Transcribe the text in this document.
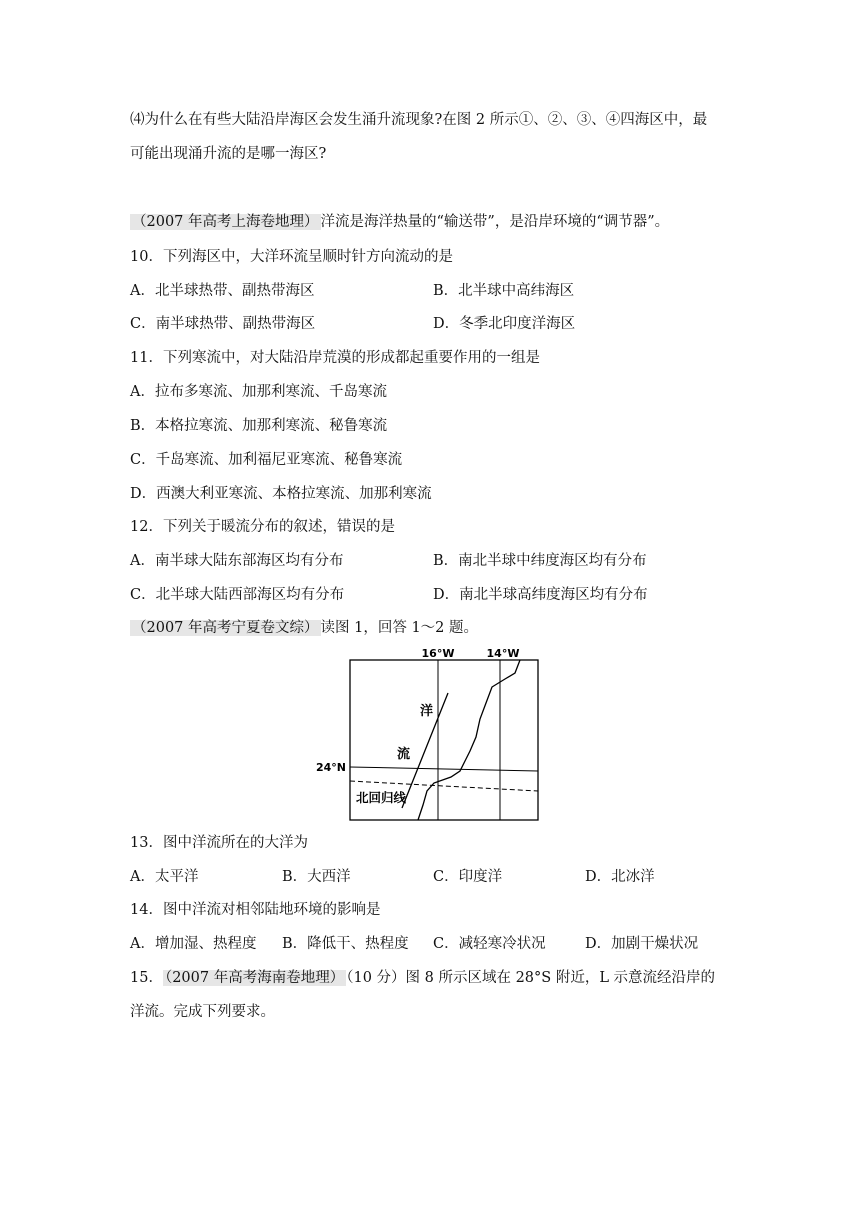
⑷为什么在有些大陆沿岸海区会发生涌升流现象?在图 2 所示①、②、③、④四海区中，最
可能出现涌升流的是哪一海区?
（2007 年高考上海卷地理） 洋流是海洋热量的“输送带”，是沿岸环境的“调节器”。
10．下列海区中，大洋环流呈顺时针方向流动的是
A．北半球热带、副热带海区	B．北半球中高纬海区
C．南半球热带、副热带海区	D．冬季北印度洋海区
11．下列寒流中，对大陆沿岸荒漠的形成都起重要作用的一组是
A．拉布多寒流、加那利寒流、千岛寒流
B．本格拉寒流、加那利寒流、秘鲁寒流
C．千岛寒流、加利福尼亚寒流、秘鲁寒流
D．西澳大利亚寒流、本格拉寒流、加那利寒流
12．下列关于暖流分布的叙述，错误的是
A．南半球大陆东部海区均有分布	B．南北半球中纬度海区均有分布
C．北半球大陆西部海区均有分布	D．南北半球高纬度海区均有分布
（2007 年高考宁夏卷文综） 读图 1，回答 1～2 题。
16°W	14°W
24°N
洋
流
北回归线
13．图中洋流所在的大洋为
A．太平洋	B．大西洋	C．印度洋	D．北冰洋
14．图中洋流对相邻陆地环境的影响是
A．增加湿、热程度 B．降低干、热程度 C．减轻寒冷状况	D．加剧干燥状况
15． （2007 年高考海南卷地理） （10 分）图 8 所示区域在 28°S 附近，L 示意流经沿岸的
洋流。完成下列要求。
